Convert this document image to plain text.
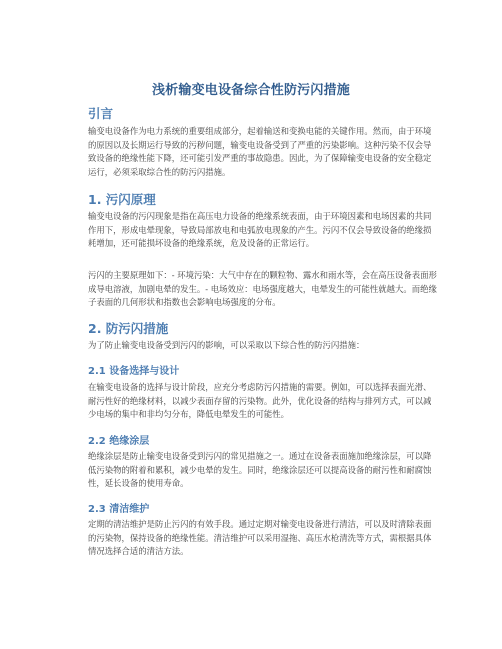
浅析输变电设备综合性防污闪措施
引言

输变电设备作为电力系统的重要组成部分，起着输送和变换电能的关键作用。然而，由于环境的原因以及长期运行导致的污秽问题，输变电设备受到了严重的污染影响。这种污染不仅会导致设备的绝缘性能下降，还可能引发严重的事故隐患。因此，为了保障输变电设备的安全稳定运行，必须采取综合性的防污闪措施。

1. 污闪原理

输变电设备的污闪现象是指在高压电力设备的绝缘系统表面，由于环境因素和电场因素的共同作用下，形成电晕现象，导致局部放电和电弧放电现象的产生。污闪不仅会导致设备的绝缘损耗增加，还可能损坏设备的绝缘系统，危及设备的正常运行。

污闪的主要原理如下：- 环境污染：大气中存在的颗粒物、露水和雨水等，会在高压设备表面形成导电溶液，加剧电晕的发生。- 电场效应：电场强度越大，电晕发生的可能性就越大。而绝缘子表面的几何形状和指数也会影响电场强度的分布。

2. 防污闪措施

为了防止输变电设备受到污闪的影响，可以采取以下综合性的防污闪措施：

2.1 设备选择与设计

在输变电设备的选择与设计阶段，应充分考虑防污闪措施的需要。例如，可以选择表面光滑、耐污性好的绝缘材料，以减少表面存留的污染物。此外，优化设备的结构与排列方式，可以减少电场的集中和非均匀分布，降低电晕发生的可能性。

2.2 绝缘涂层

绝缘涂层是防止输变电设备受到污闪的常见措施之一。通过在设备表面施加绝缘涂层，可以降低污染物的附着和累积，减少电晕的发生。同时，绝缘涂层还可以提高设备的耐污性和耐腐蚀性，延长设备的使用寿命。

2.3 清洁维护

定期的清洁维护是防止污闪的有效手段。通过定期对输变电设备进行清洁，可以及时清除表面的污染物，保持设备的绝缘性能。清洁维护可以采用湿拖、高压水枪清洗等方式，需根据具体情况选择合适的清洁方法。
